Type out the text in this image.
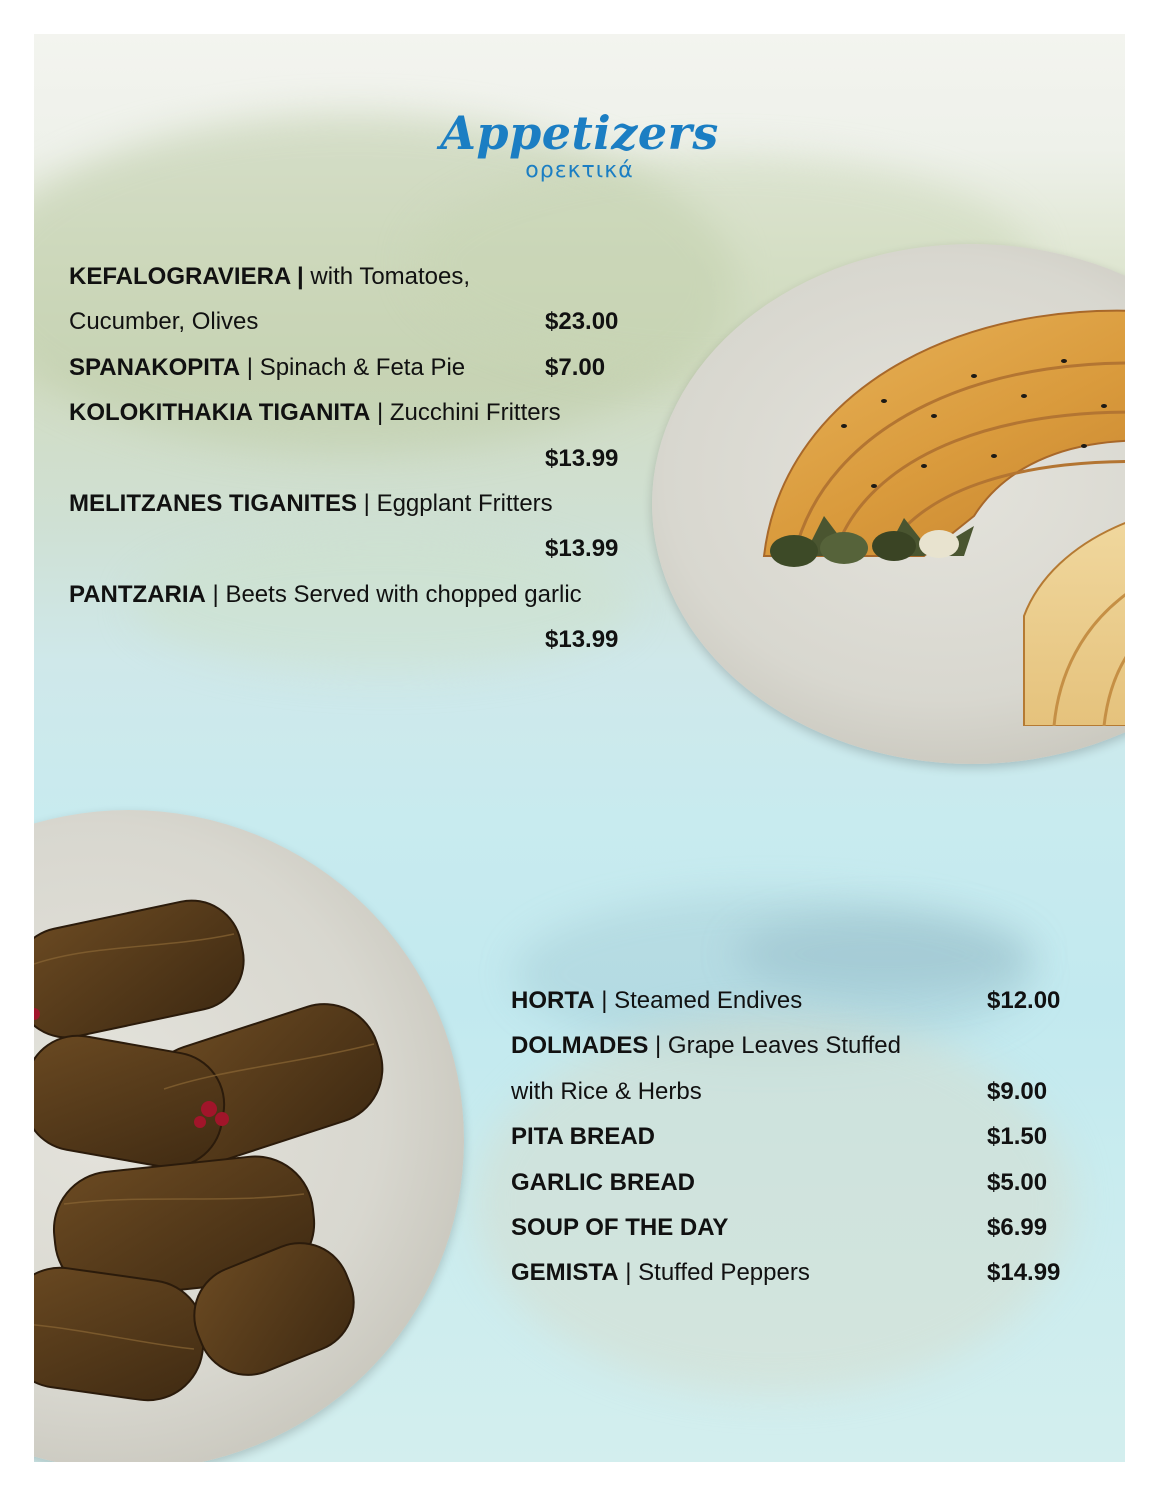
Appetizers
ορεκτικά
KEFALOGRAVIERA | with Tomatoes,
Cucumber, Olives	$23.00
SPANAKOPITA | Spinach & Feta Pie	$7.00
KOLOKITHAKIA TIGANITA | Zucchini Fritters
$13.99
MELITZANES TIGANITES | Eggplant Fritters
$13.99
PANTZARIA | Beets Served with chopped garlic
$13.99
HORTA | Steamed Endives	$12.00
DOLMADES | Grape Leaves Stuffed
with Rice & Herbs	$9.00
PITA BREAD	$1.50
GARLIC BREAD	$5.00
SOUP OF THE DAY	$6.99
GEMISTA | Stuffed Peppers	$14.99
